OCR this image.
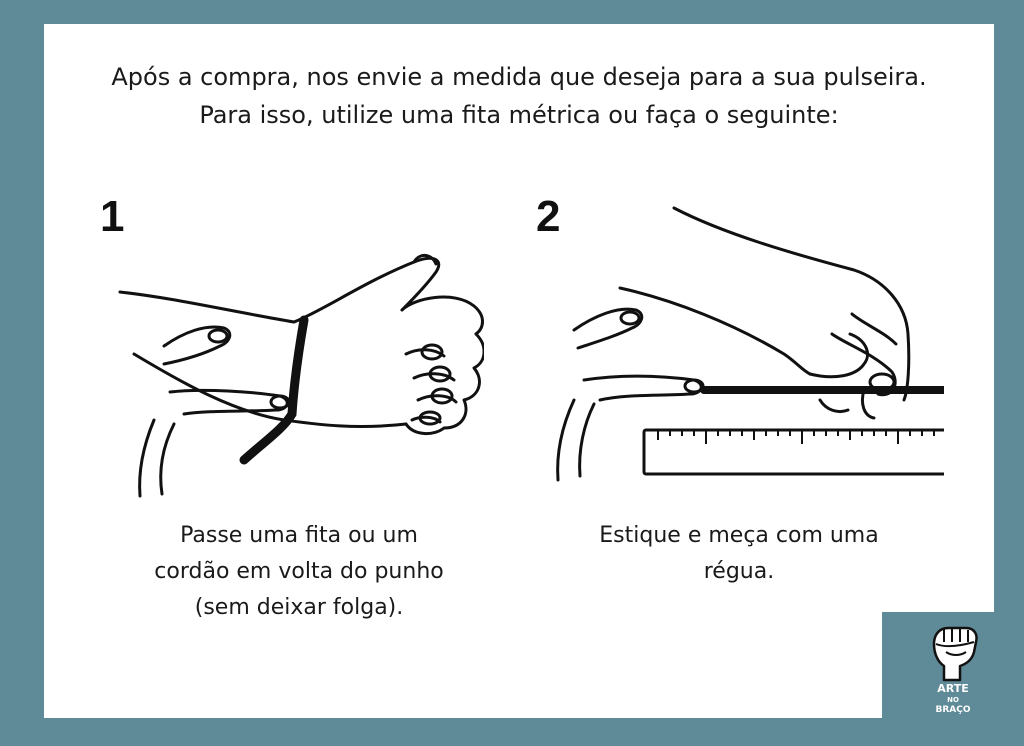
Após a compra, nos envie a medida que deseja para a sua pulseira.
Para isso, utilize uma fita métrica ou faça o seguinte:
1
Passe uma fita ou um
cordão em volta do punho
(sem deixar folga).
2
Estique e meça com uma
régua.
ARTE
NO
BRAÇO
